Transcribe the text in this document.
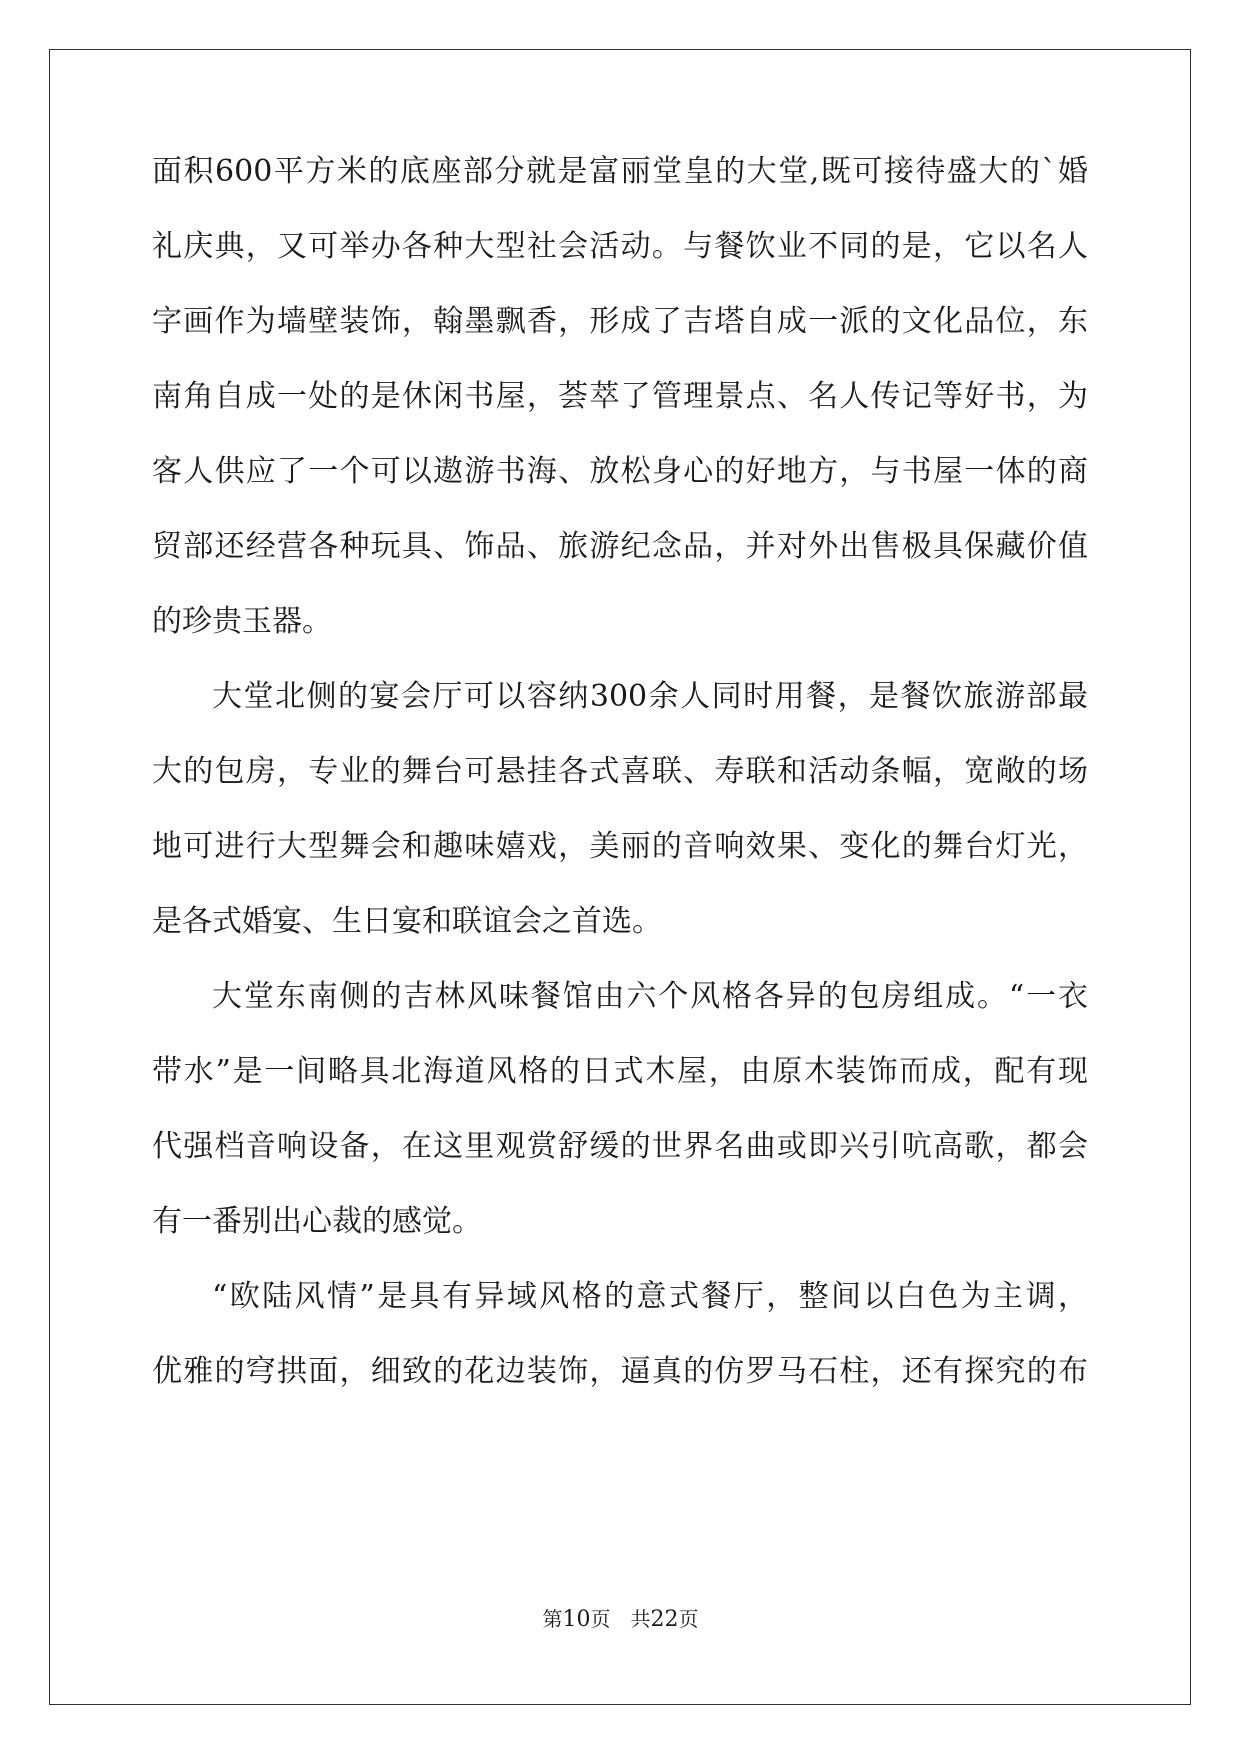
面积600平方米的底座部分就是富丽堂皇的大堂,既可接待盛大的`婚
礼庆典，又可举办各种大型社会活动。与餐饮业不同的是，它以名人
字画作为墙壁装饰，翰墨飘香，形成了吉塔自成一派的文化品位，东
南角自成一处的是休闲书屋，荟萃了管理景点、名人传记等好书，为
客人供应了一个可以遨游书海、放松身心的好地方，与书屋一体的商
贸部还经营各种玩具、饰品、旅游纪念品，并对外出售极具保藏价值
的珍贵玉器。
大堂北侧的宴会厅可以容纳300余人同时用餐，是餐饮旅游部最
大的包房，专业的舞台可悬挂各式喜联、寿联和活动条幅，宽敞的场
地可进行大型舞会和趣味嬉戏，美丽的音响效果、变化的舞台灯光，
是各式婚宴、生日宴和联谊会之首选。
大堂东南侧的吉林风味餐馆由六个风格各异的包房组成。“一衣
带水”是一间略具北海道风格的日式木屋，由原木装饰而成，配有现
代强档音响设备，在这里观赏舒缓的世界名曲或即兴引吭高歌，都会
有一番别出心裁的感觉。
“欧陆风情”是具有异域风格的意式餐厅，整间以白色为主调，
优雅的穹拱面，细致的花边装饰，逼真的仿罗马石柱，还有探究的布
第10页　共22页
